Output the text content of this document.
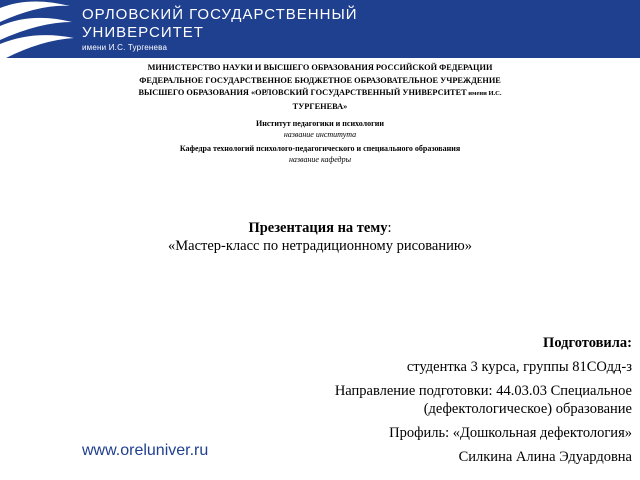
ОРЛОВСКИЙ ГОСУДАРСТВЕННЫЙ
УНИВЕРСИТЕТ
имени И.С. Тургенева
МИНИСТЕРСТВО НАУКИ И ВЫСШЕГО ОБРАЗОВАНИЯ РОССИЙСКОЙ ФЕДЕРАЦИИ
ФЕДЕРАЛЬНОЕ ГОСУДАРСТВЕННОЕ БЮДЖЕТНОЕ ОБРАЗОВАТЕЛЬНОЕ УЧРЕЖДЕНИЕ
ВЫСШЕГО ОБРАЗОВАНИЯ «ОРЛОВСКИЙ ГОСУДАРСТВЕННЫЙ УНИВЕРСИТЕТ имени И.С.
ТУРГЕНЕВА»
Институт педагогики и психологии
название института
Кафедра технологий психолого-педагогического и специального образования
название кафедры
Презентация на тему:
«Мастер-класс по нетрадиционному рисованию»
Подготовила:
студентка 3 курса, группы 81СОдд-з
Направление подготовки: 44.03.03 Специальное
(дефектологическое) образование
Профиль: «Дошкольная дефектология»
Силкина Алина Эдуардовна
www.oreluniver.ru
